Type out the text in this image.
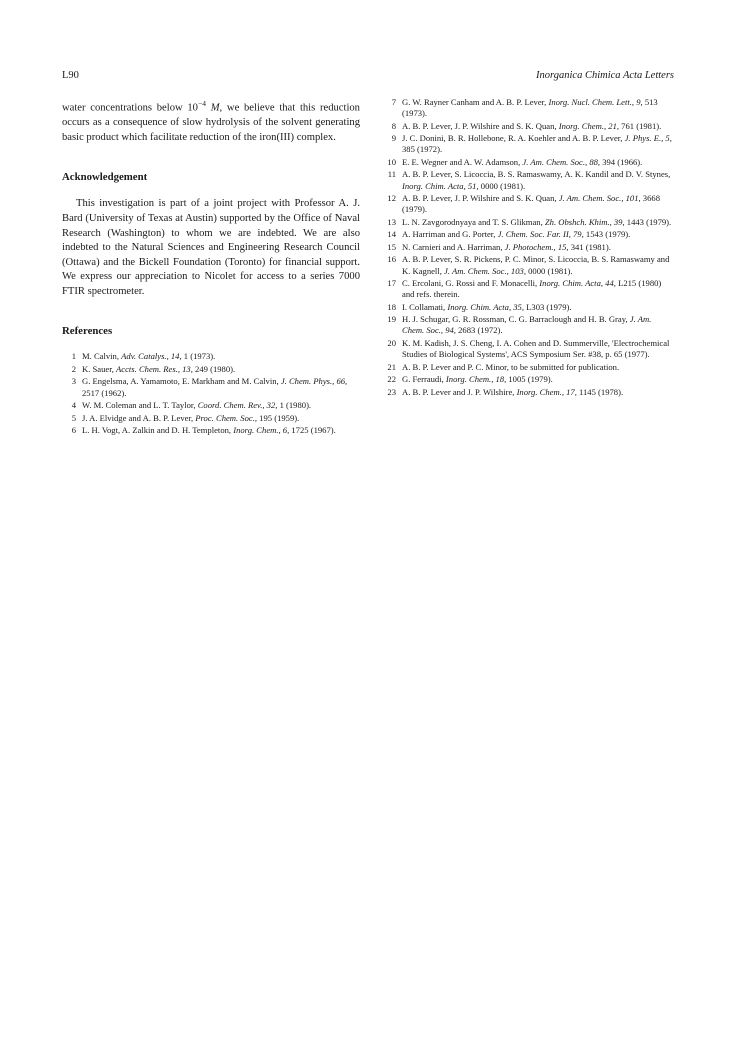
L90	Inorganica Chimica Acta Letters

water concentrations below $10^{-4}$ M, we believe that this reduction occurs as a consequence of slow hydrolysis of the solvent generating basic product which facilitate reduction of the iron(III) complex.

Acknowledgement

This investigation is part of a joint project with Professor A. J. Bard (University of Texas at Austin) supported by the Office of Naval Research (Washington) to whom we are indebted. We are also indebted to the Natural Sciences and Engineering Research Council (Ottawa) and the Bickell Foundation (Toronto) for financial support. We express our appreciation to Nicolet for access to a series 7000 FTIR spectrometer.

References
1 M. Calvin, Adv. Catalys., 14, 1 (1973).
2 K. Sauer, Accts. Chem. Res., 13, 249 (1980).
3 G. Engelsma, A. Yamamoto, E. Markham and M. Calvin, J. Chem. Phys., 66, 2517 (1962).
4 W. M. Coleman and L. T. Taylor, Coord. Chem. Rev., 32, 1 (1980).
5 J. A. Elvidge and A. B. P. Lever, Proc. Chem. Soc., 195 (1959).
6 L. H. Vogt, A. Zalkin and D. H. Templeton, Inorg. Chem., 6, 1725 (1967).
7 G. W. Rayner Canham and A. B. P. Lever, Inorg. Nucl. Chem. Lett., 9, 513 (1973).
8 A. B. P. Lever, J. P. Wilshire and S. K. Quan, Inorg. Chem., 21, 761 (1981).
9 J. C. Donini, B. R. Hollebone, R. A. Koehler and A. B. P. Lever, J. Phys. E., 5, 385 (1972).
10 E. E. Wegner and A. W. Adamson, J. Am. Chem. Soc., 88, 394 (1966).
11 A. B. P. Lever, S. Licoccia, B. S. Ramaswamy, A. K. Kandil and D. V. Stynes, Inorg. Chim. Acta, 51, 0000 (1981).
12 A. B. P. Lever, J. P. Wilshire and S. K. Quan, J. Am. Chem. Soc., 101, 3668 (1979).
13 L. N. Zavgorodnyaya and T. S. Glikman, Zh. Obshch. Khim., 39, 1443 (1979).
14 A. Harriman and G. Porter, J. Chem. Soc. Far. II, 79, 1543 (1979).
15 N. Carnieri and A. Harriman, J. Photochem., 15, 341 (1981).
16 A. B. P. Lever, S. R. Pickens, P. C. Minor, S. Licoccia, B. S. Ramaswamy and K. Kagnell, J. Am. Chem. Soc., 103, 0000 (1981).
17 C. Ercolani, G. Rossi and F. Monacelli, Inorg. Chim. Acta, 44, L215 (1980) and refs. therein.
18 I. Collamati, Inorg. Chim. Acta, 35, L303 (1979).
19 H. J. Schugar, G. R. Rossman, C. G. Barraclough and H. B. Gray, J. Am. Chem. Soc., 94, 2683 (1972).
20 K. M. Kadish, J. S. Cheng, I. A. Cohen and D. Summerville, 'Electrochemical Studies of Biological Systems', ACS Symposium Ser. #38, p. 65 (1977).
21 A. B. P. Lever and P. C. Minor, to be submitted for publication.
22 G. Ferraudi, Inorg. Chem., 18, 1005 (1979).
23 A. B. P. Lever and J. P. Wilshire, Inorg. Chem., 17, 1145 (1978).
